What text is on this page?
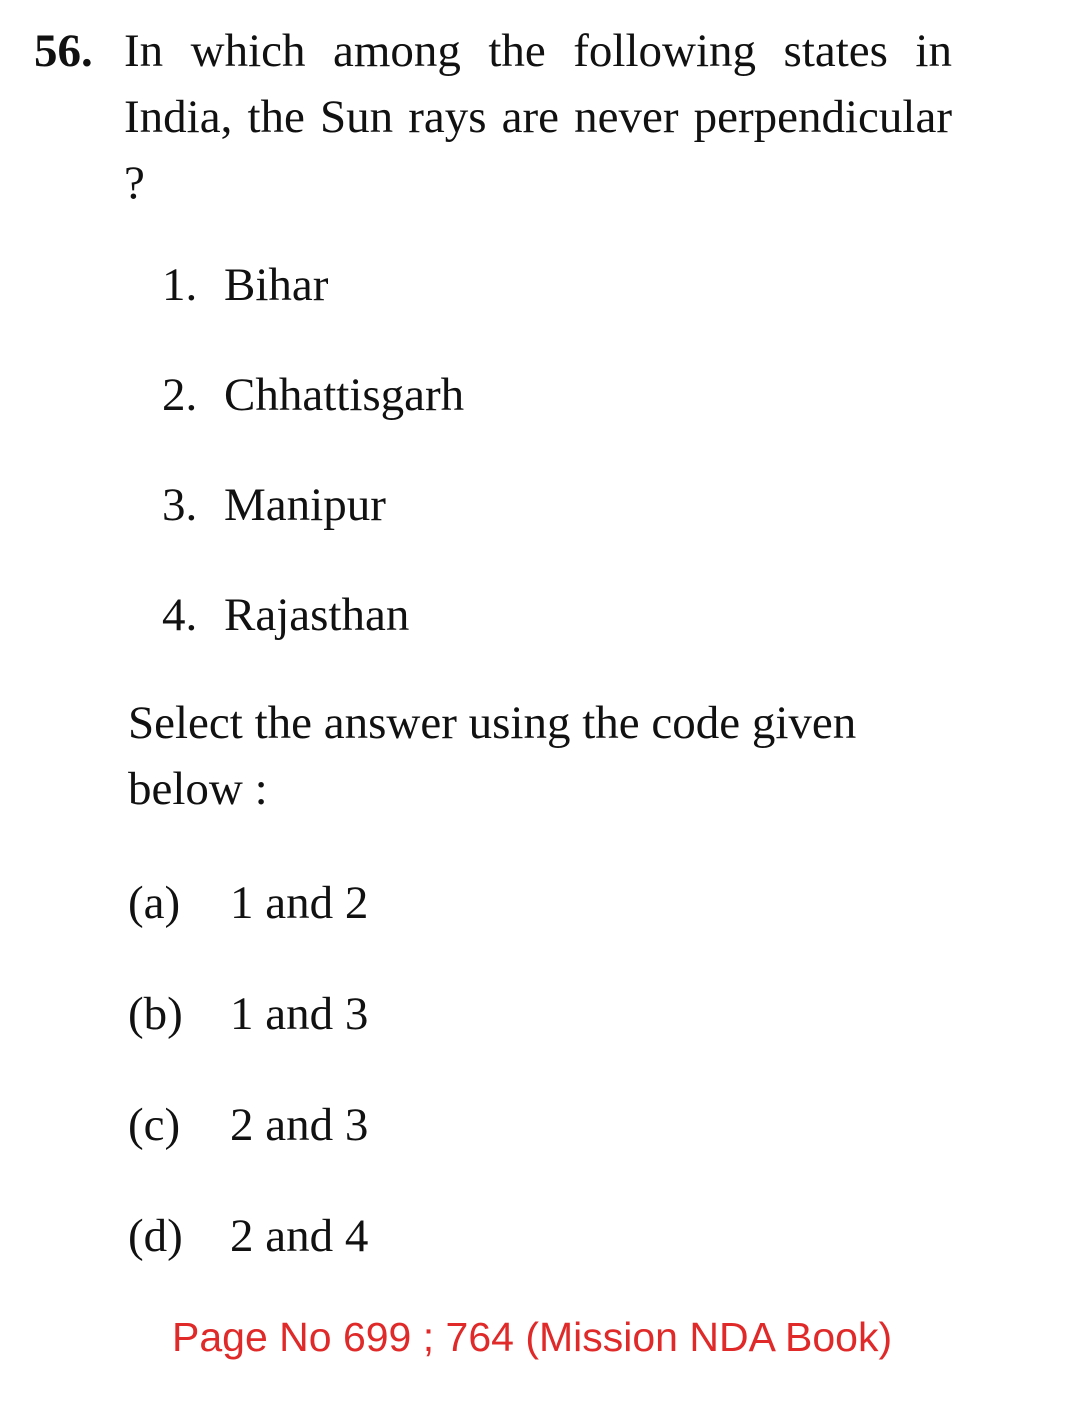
56. In which among the following states in India, the Sun rays are never perpendicular ?
1. Bihar
2. Chhattisgarh
3. Manipur
4. Rajasthan
Select the answer using the code given below :
(a) 1 and 2
(b) 1 and 3
(c) 2 and 3
(d) 2 and 4
Page No 699 ; 764 (Mission NDA Book)
